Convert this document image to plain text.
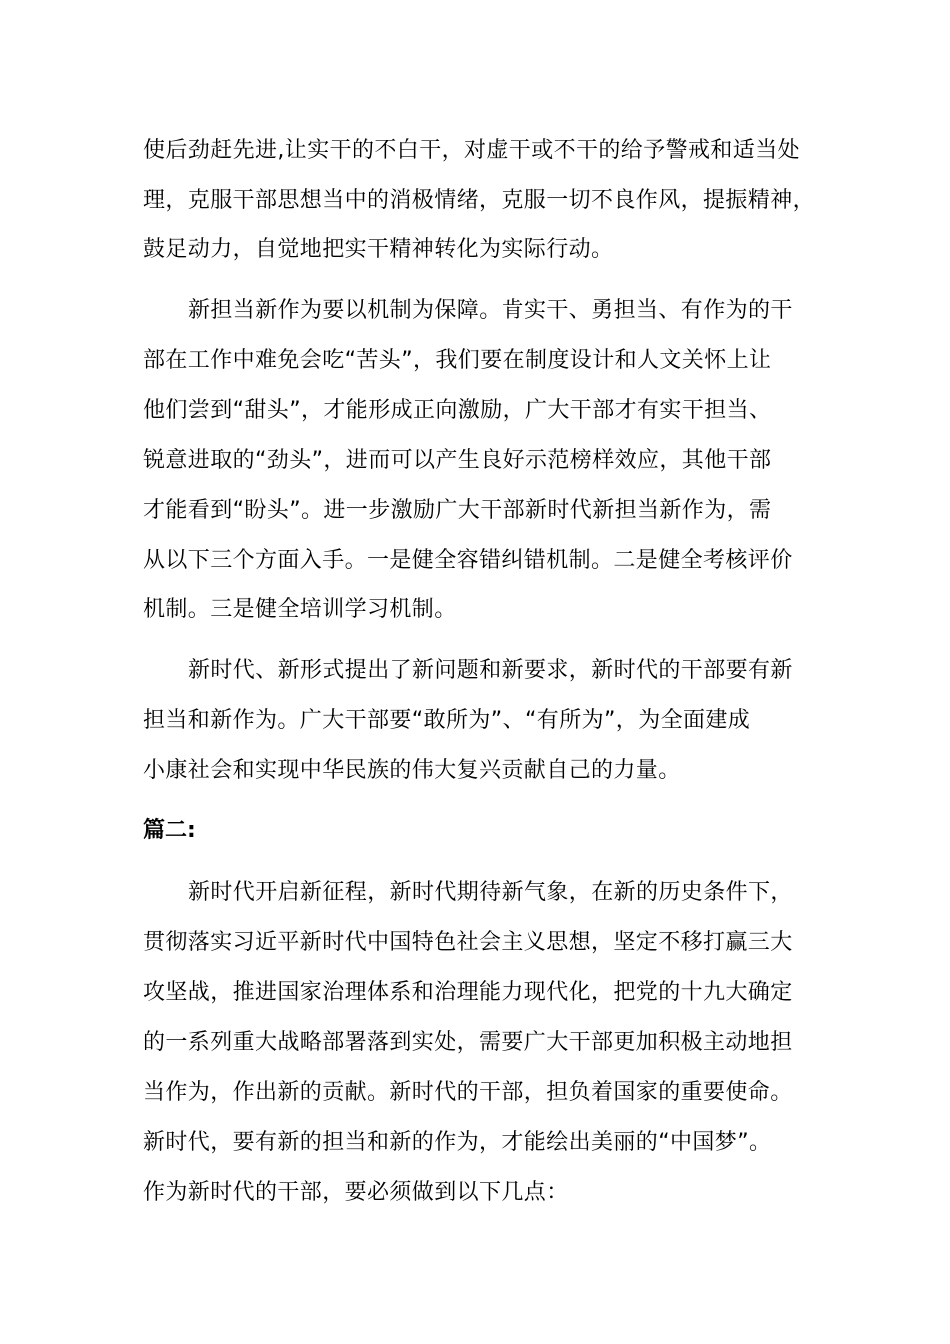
使后劲赶先进,让实干的不白干，对虚干或不干的给予警戒和适当处
理，克服干部思想当中的消极情绪，克服一切不良作风，提振精神，
鼓足动力，自觉地把实干精神转化为实际行动。
新担当新作为要以机制为保障。肯实干、勇担当、有作为的干
部在工作中难免会吃“苦头”，我们要在制度设计和人文关怀上让
他们尝到“甜头”，才能形成正向激励，广大干部才有实干担当、
锐意进取的“劲头”，进而可以产生良好示范榜样效应，其他干部
才能看到“盼头”。进一步激励广大干部新时代新担当新作为，需
从以下三个方面入手。一是健全容错纠错机制。二是健全考核评价
机制。三是健全培训学习机制。
新时代、新形式提出了新问题和新要求，新时代的干部要有新
担当和新作为。广大干部要“敢所为”、“有所为”，为全面建成
小康社会和实现中华民族的伟大复兴贡献自己的力量。
篇二:
新时代开启新征程，新时代期待新气象，在新的历史条件下，
贯彻落实习近平新时代中国特色社会主义思想，坚定不移打赢三大
攻坚战，推进国家治理体系和治理能力现代化，把党的十九大确定
的一系列重大战略部署落到实处，需要广大干部更加积极主动地担
当作为，作出新的贡献。新时代的干部，担负着国家的重要使命。
新时代，要有新的担当和新的作为，才能绘出美丽的“中国梦”。
作为新时代的干部，要必须做到以下几点：
